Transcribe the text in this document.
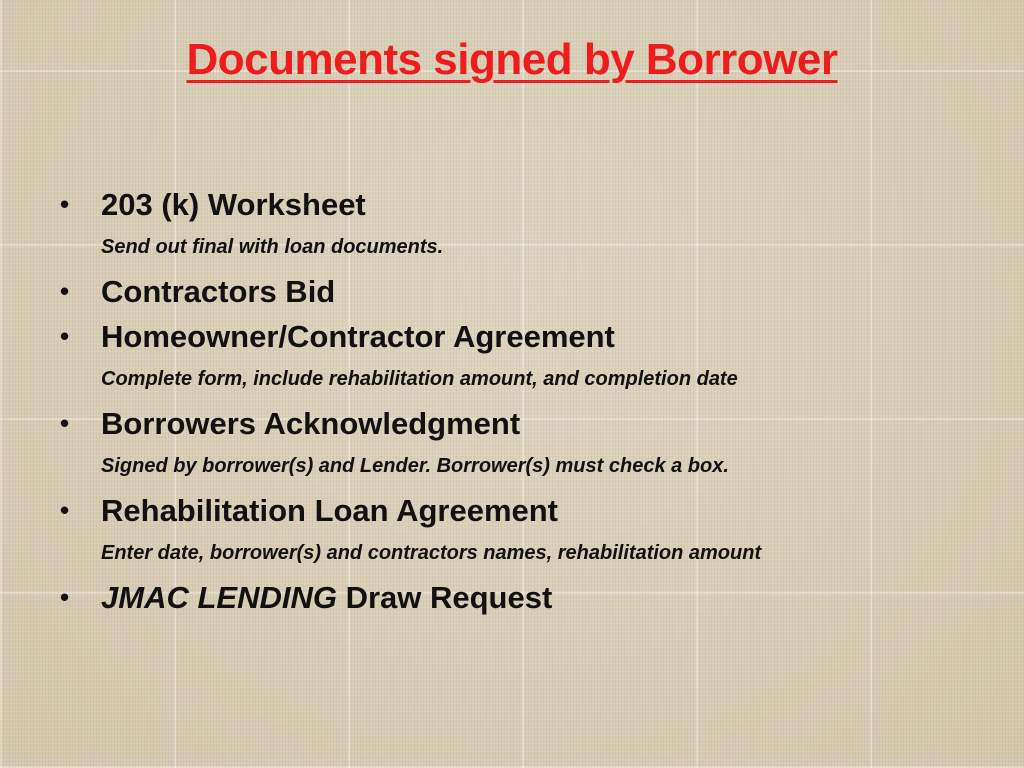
Documents signed by Borrower
•	203 (k) Worksheet
Send out final with loan documents.
•	Contractors Bid
•	Homeowner/Contractor Agreement
Complete form, include rehabilitation amount, and completion date
•	Borrowers Acknowledgment
Signed by borrower(s) and Lender. Borrower(s) must check a box.
•	Rehabilitation Loan Agreement
Enter date, borrower(s) and contractors names, rehabilitation amount
•	JMAC LENDING Draw Request
